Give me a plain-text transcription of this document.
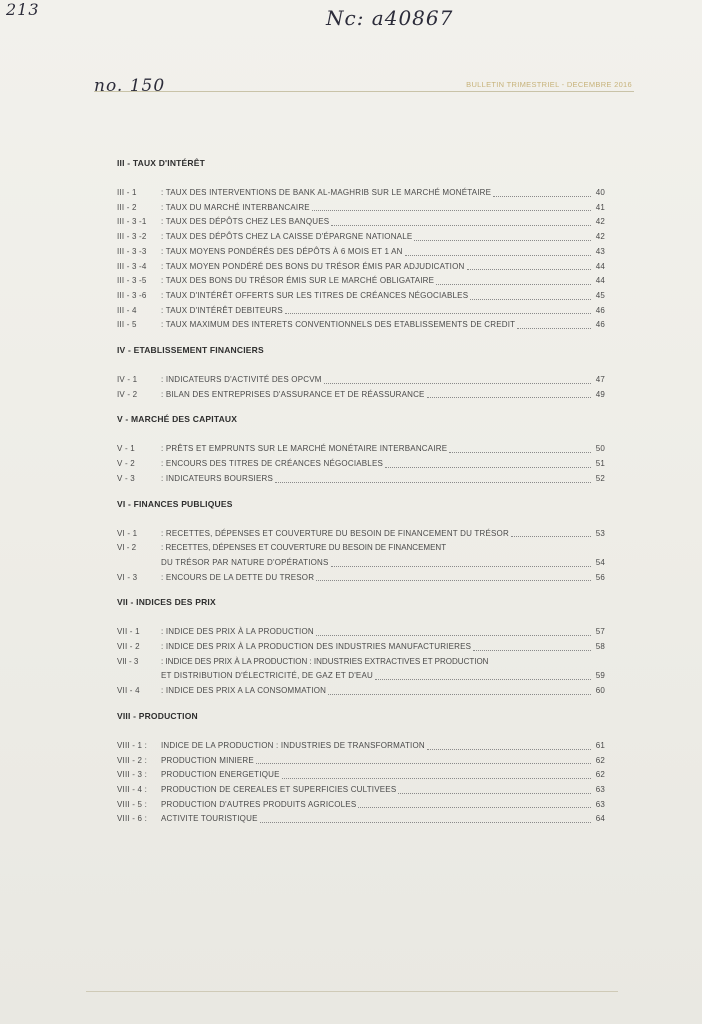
213	Nc: a40867
no. 150	BULLETIN TRIMESTRIEL - DECEMBRE 2016
III - TAUX D'INTÉRÊT
III - 1	: TAUX DES INTERVENTIONS DE BANK AL-MAGHRIB SUR LE MARCHÉ MONÉTAIRE	40
III - 2	: TAUX DU MARCHÉ INTERBANCAIRE	41
III - 3 -1	: TAUX DES DÉPÔTS CHEZ LES BANQUES	42
III - 3 -2	: TAUX DES DÉPÔTS CHEZ LA CAISSE D'ÉPARGNE NATIONALE	42
III - 3 -3	: TAUX MOYENS PONDÉRÉS DES DÉPÔTS À 6 MOIS ET 1 AN	43
III - 3 -4	: TAUX MOYEN PONDÉRÉ DES BONS DU TRÉSOR ÉMIS PAR ADJUDICATION	44
III - 3 -5	: TAUX DES BONS DU TRÉSOR ÉMIS SUR LE MARCHÉ OBLIGATAIRE	44
III - 3 -6	: TAUX D'INTÉRÊT OFFERTS SUR LES TITRES DE CRÉANCES NÉGOCIABLES	45
III - 4	: TAUX D'INTÉRÊT DEBITEURS	46
III - 5	: TAUX MAXIMUM DES INTERETS CONVENTIONNELS DES ETABLISSEMENTS DE CREDIT	46
IV - ETABLISSEMENT FINANCIERS
IV - 1	: INDICATEURS D'ACTIVITÉ DES OPCVM	47
IV - 2	: BILAN DES ENTREPRISES D'ASSURANCE ET DE RÉASSURANCE	49
V - MARCHÉ DES CAPITAUX
V - 1	: PRÊTS ET EMPRUNTS SUR LE MARCHÉ MONÉTAIRE INTERBANCAIRE	50
V - 2	: ENCOURS DES TITRES DE CRÉANCES NÉGOCIABLES	51
V - 3	: INDICATEURS BOURSIERS	52
VI - FINANCES PUBLIQUES
VI - 1	: RECETTES, DÉPENSES ET COUVERTURE DU BESOIN DE FINANCEMENT DU TRÉSOR	53
VI - 2	: RECETTES, DÉPENSES ET COUVERTURE DU BESOIN DE FINANCEMENT
DU TRÉSOR PAR NATURE D'OPÉRATIONS	54
VI - 3	: ENCOURS DE LA DETTE DU TRESOR	56
VII - INDICES DES PRIX
VII - 1	: INDICE DES PRIX À LA PRODUCTION	57
VII - 2	: INDICE DES PRIX À LA PRODUCTION DES INDUSTRIES MANUFACTURIERES	58
VII - 3	: INDICE DES PRIX À LA PRODUCTION : INDUSTRIES EXTRACTIVES ET PRODUCTION
ET DISTRIBUTION D'ÉLECTRICITÉ, DE GAZ ET D'EAU	59
VII - 4	: INDICE DES PRIX A LA CONSOMMATION	60
VIII - PRODUCTION
VIII - 1 :	INDICE DE LA PRODUCTION : INDUSTRIES DE TRANSFORMATION	61
VIII - 2 :	PRODUCTION MINIERE	62
VIII - 3 :	PRODUCTION ENERGETIQUE	62
VIII - 4 :	PRODUCTION DE CEREALES ET SUPERFICIES CULTIVEES	63
VIII - 5 :	PRODUCTION D'AUTRES PRODUITS AGRICOLES	63
VIII - 6 :	ACTIVITE TOURISTIQUE	64
